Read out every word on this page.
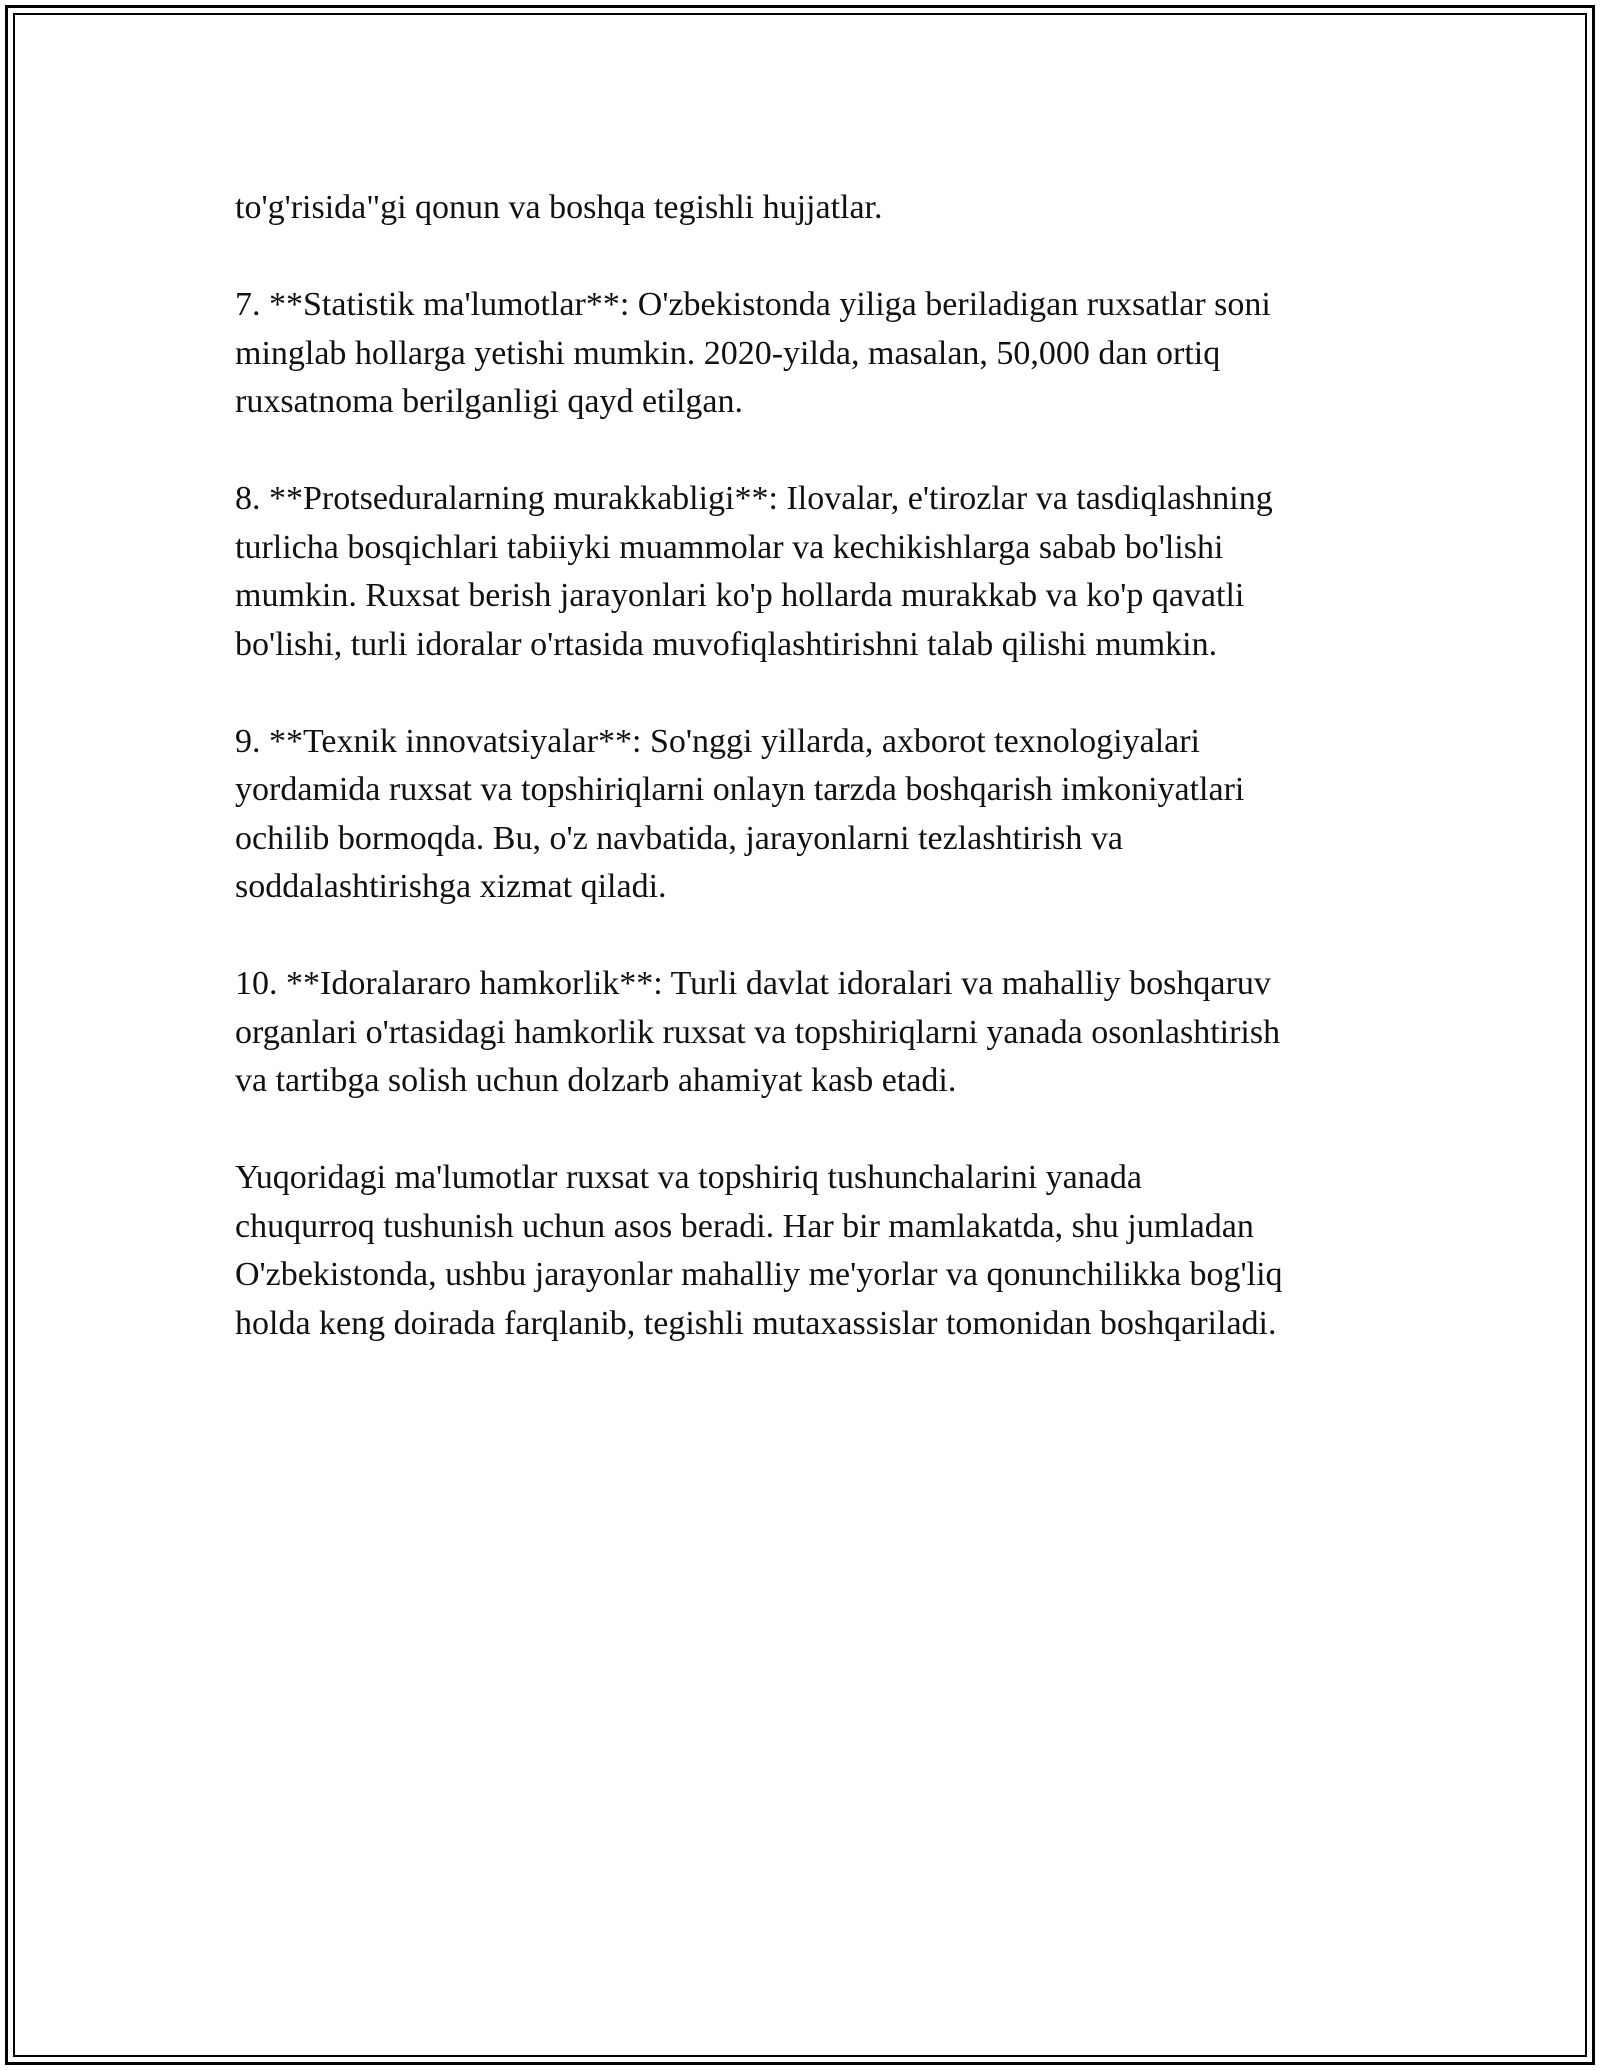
to'g'risida"gi qonun va boshqa tegishli hujjatlar.

7. **Statistik ma'lumotlar**: O'zbekistonda yiliga beriladigan ruxsatlar soni
minglab hollarga yetishi mumkin. 2020-yilda, masalan, 50,000 dan ortiq
ruxsatnoma berilganligi qayd etilgan.

8. **Protseduralarning murakkabligi**: Ilovalar, e'tirozlar va tasdiqlashning
turlicha bosqichlari tabiiyki muammolar va kechikishlarga sabab bo'lishi
mumkin. Ruxsat berish jarayonlari ko'p hollarda murakkab va ko'p qavatli
bo'lishi, turli idoralar o'rtasida muvofiqlashtirishni talab qilishi mumkin.

9. **Texnik innovatsiyalar**: So'nggi yillarda, axborot texnologiyalari
yordamida ruxsat va topshiriqlarni onlayn tarzda boshqarish imkoniyatlari
ochilib bormoqda. Bu, o'z navbatida, jarayonlarni tezlashtirish va
soddalashtirishga xizmat qiladi.

10. **Idoralararo hamkorlik**: Turli davlat idoralari va mahalliy boshqaruv
organlari o'rtasidagi hamkorlik ruxsat va topshiriqlarni yanada osonlashtirish
va tartibga solish uchun dolzarb ahamiyat kasb etadi.

Yuqoridagi ma'lumotlar ruxsat va topshiriq tushunchalarini yanada
chuqurroq tushunish uchun asos beradi. Har bir mamlakatda, shu jumladan
O'zbekistonda, ushbu jarayonlar mahalliy me'yorlar va qonunchilikka bog'liq
holda keng doirada farqlanib, tegishli mutaxassislar tomonidan boshqariladi.
